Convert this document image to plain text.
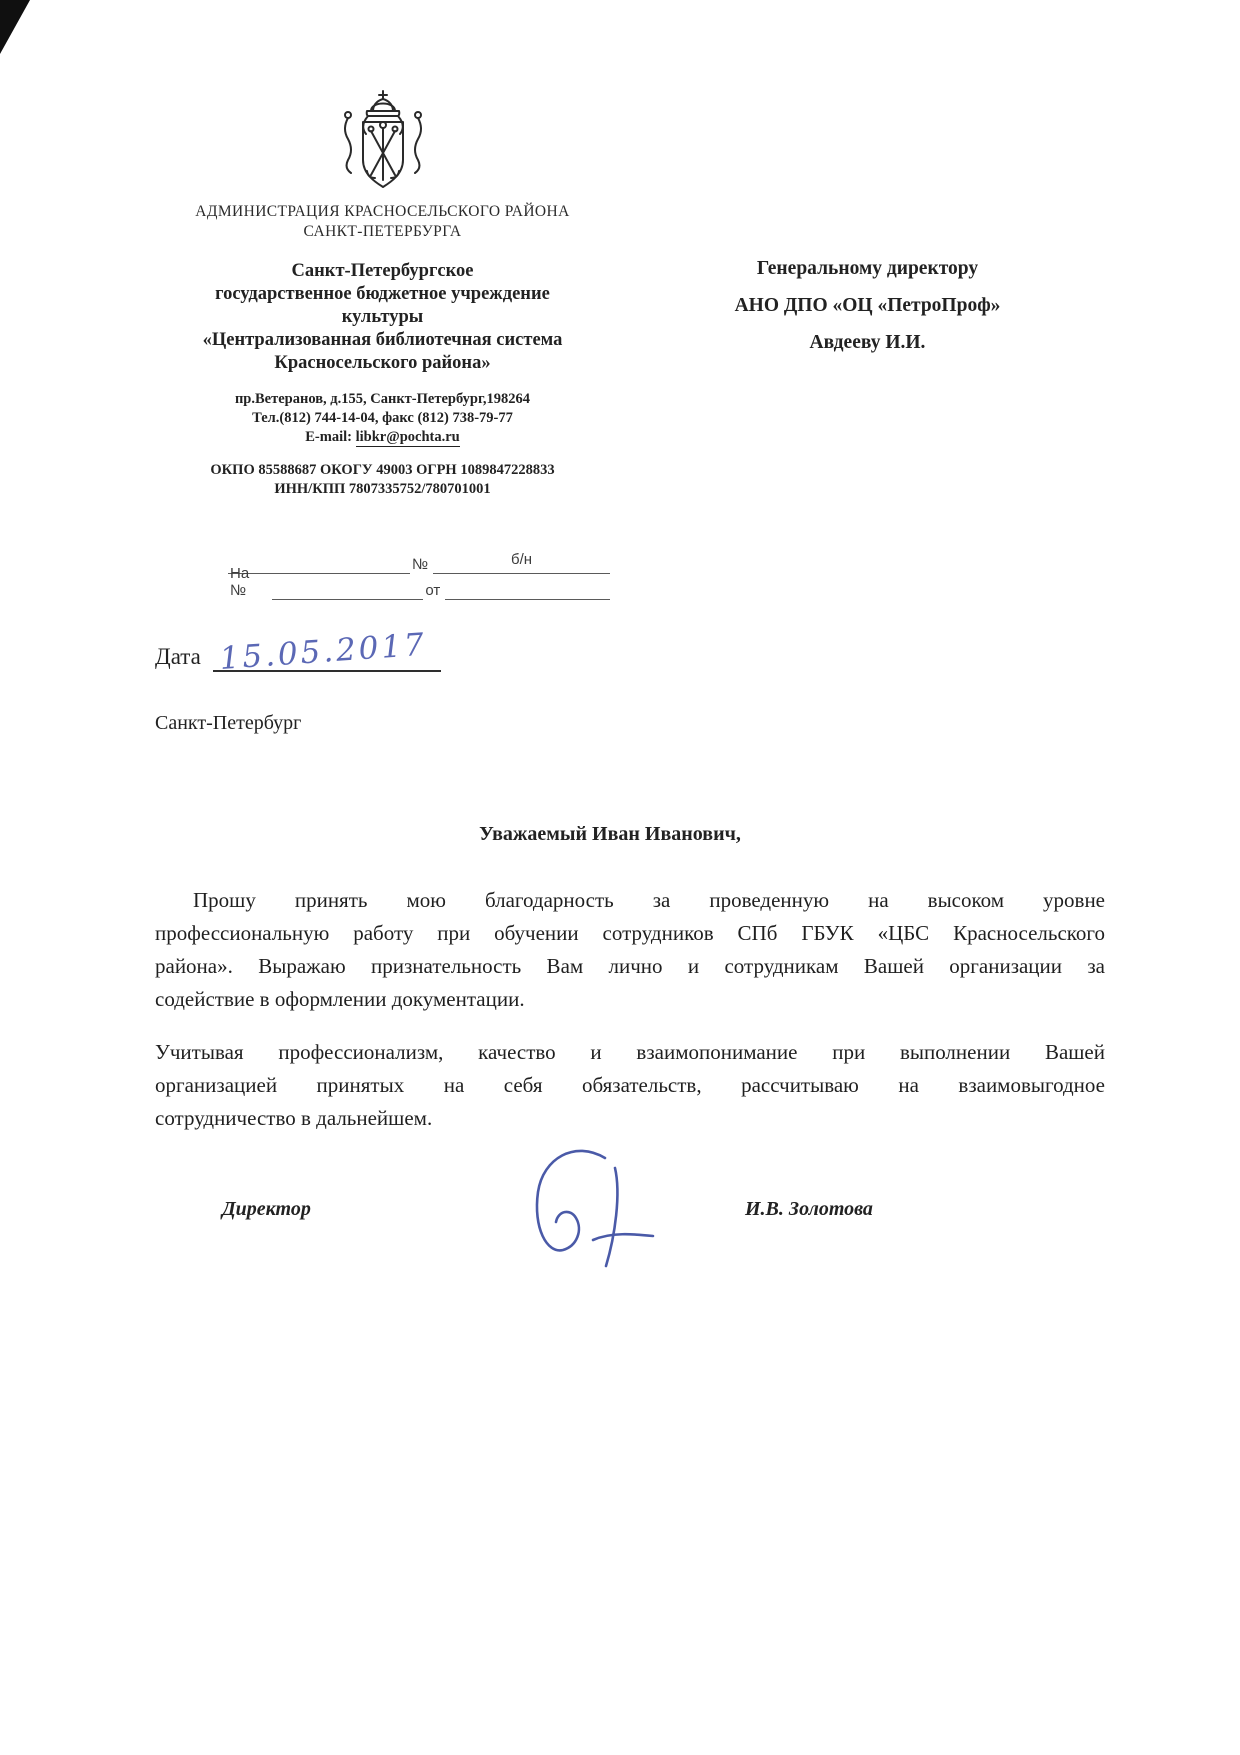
АДМИНИСТРАЦИЯ КРАСНОСЕЛЬСКОГО РАЙОНА
САНКТ-ПЕТЕРБУРГА
Санкт-Петербургское
государственное бюджетное учреждение
культуры
«Централизованная библиотечная система
Красносельского района»
пр.Ветеранов, д.155, Санкт-Петербург,198264
Тел.(812) 744-14-04, факс (812) 738-79-77
E-mail: libkr@pochta.ru
ОКПО 85588687 ОКОГУ 49003 ОГРН 1089847228833
ИНН/КПП 7807335752/780701001
№	б/н
На №	от
Дата 15.05.2017
Санкт-Петербург
Генеральному директору
АНО ДПО «ОЦ «ПетроПроф»
Авдееву И.И.
Уважаемый Иван Иванович,
Прошу принять мою благодарность за проведенную на высоком уровне
профессиональную работу при обучении сотрудников СПб ГБУК «ЦБС Красносельского
района». Выражаю признательность Вам лично и сотрудникам Вашей организации за
содействие в оформлении документации.
Учитывая профессионализм, качество и взаимопонимание при выполнении Вашей
организацией принятых на себя обязательств, рассчитываю на взаимовыгодное
сотрудничество в дальнейшем.
Директор	И.В. Золотова
